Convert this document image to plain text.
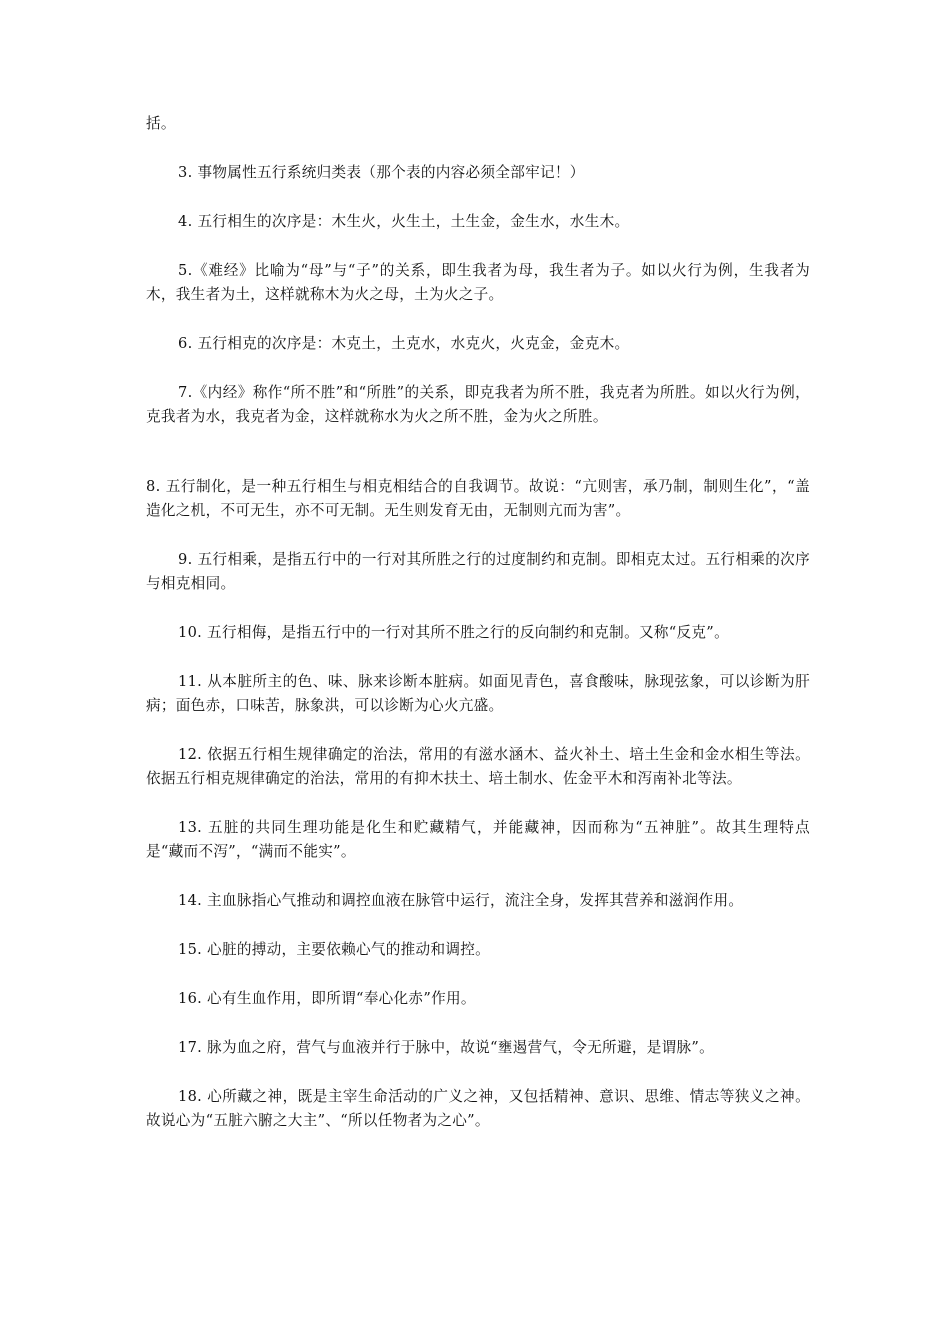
括。

3. 事物属性五行系统归类表（那个表的内容必须全部牢记！）

4. 五行相生的次序是：木生火，火生土，土生金，金生水，水生木。

5.《难经》比喻为“母”与“子”的关系，即生我者为母，我生者为子。如以火行为例，生我者为木，我生者为土，这样就称木为火之母，土为火之子。

6. 五行相克的次序是：木克土，土克水，水克火，火克金，金克木。

7.《内经》称作“所不胜”和“所胜”的关系，即克我者为所不胜，我克者为所胜。如以火行为例，克我者为水，我克者为金，这样就称水为火之所不胜，金为火之所胜。

8. 五行制化，是一种五行相生与相克相结合的自我调节。故说：“亢则害，承乃制，制则生化”，“盖造化之机，不可无生，亦不可无制。无生则发育无由，无制则亢而为害”。

9. 五行相乘，是指五行中的一行对其所胜之行的过度制约和克制。即相克太过。五行相乘的次序与相克相同。

10. 五行相侮，是指五行中的一行对其所不胜之行的反向制约和克制。又称“反克”。

11. 从本脏所主的色、味、脉来诊断本脏病。如面见青色，喜食酸味，脉现弦象，可以诊断为肝病；面色赤，口味苦，脉象洪，可以诊断为心火亢盛。

12. 依据五行相生规律确定的治法，常用的有滋水涵木、益火补土、培土生金和金水相生等法。依据五行相克规律确定的治法，常用的有抑木扶土、培土制水、佐金平木和泻南补北等法。

13. 五脏的共同生理功能是化生和贮藏精气，并能藏神，因而称为“五神脏”。故其生理特点是“藏而不泻”，“满而不能实”。

14. 主血脉指心气推动和调控血液在脉管中运行，流注全身，发挥其营养和滋润作用。

15. 心脏的搏动，主要依赖心气的推动和调控。

16. 心有生血作用，即所谓“奉心化赤”作用。

17. 脉为血之府，营气与血液并行于脉中，故说“壅遏营气，令无所避，是谓脉”。

18. 心所藏之神，既是主宰生命活动的广义之神，又包括精神、意识、思维、情志等狭义之神。故说心为“五脏六腑之大主”、“所以任物者为之心”。
